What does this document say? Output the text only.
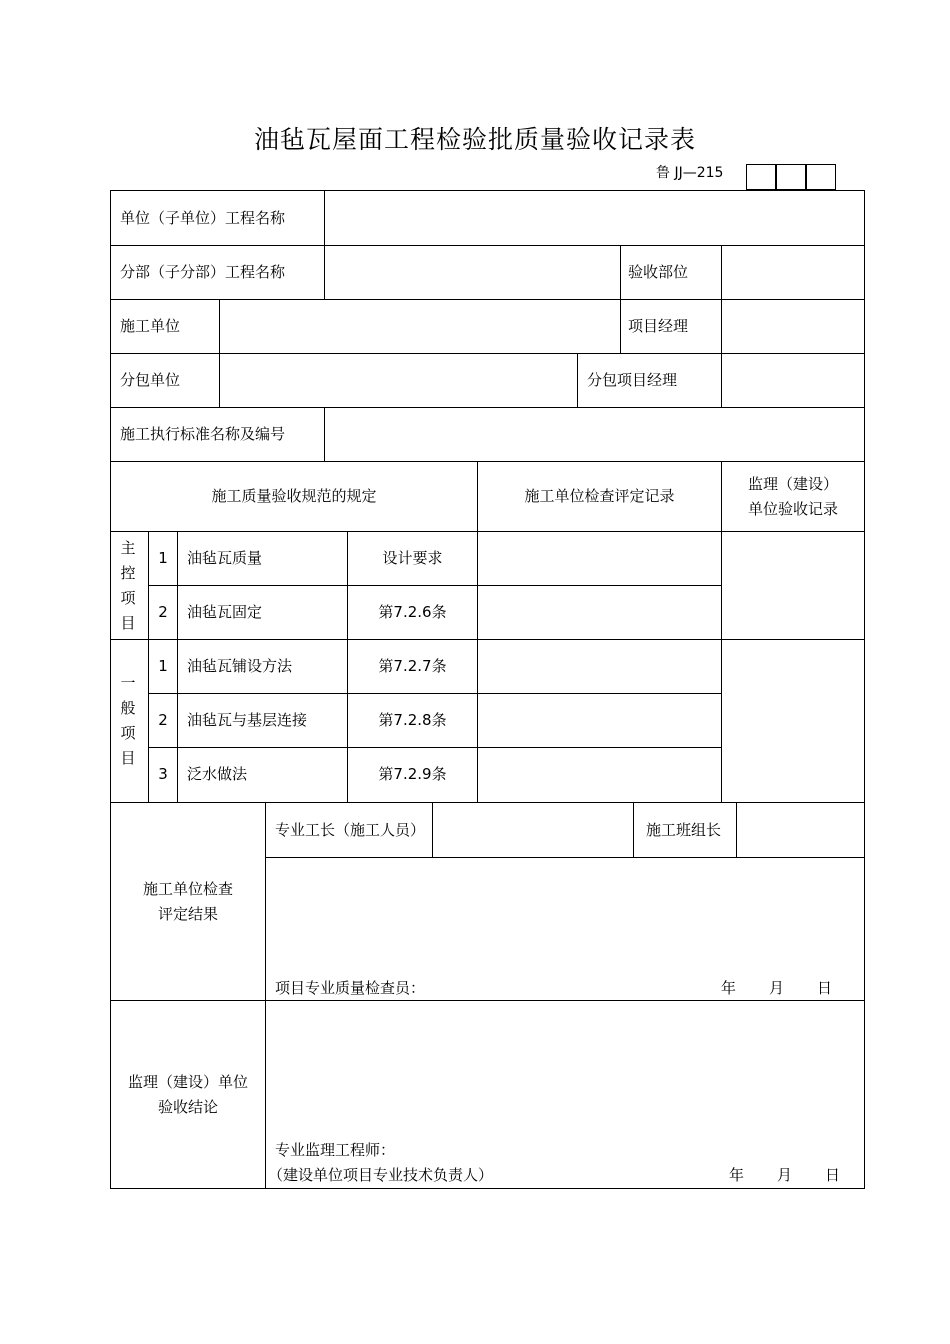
油毡瓦屋面工程检验批质量验收记录表
鲁 JJ—215
单位（子单位）工程名称
分部（子分部）工程名称	验收部位
施工单位	项目经理
分包单位	分包项目经理
施工执行标准名称及编号
施工质量验收规范的规定	施工单位检查评定记录
监理（建设）
单位验收记录
主控项目
1	油毡瓦质量	设计要求
2	油毡瓦固定	第7.2.6条
一般项目
1	油毡瓦铺设方法	第7.2.7条
2	油毡瓦与基层连接	第7.2.8条
3	泛水做法	第7.2.9条
施工单位检查
评定结果
专业工长（施工人员）	施工班组长
项目专业质量检查员：	年 月 日
监理（建设）单位
验收结论
专业监理工程师：
（建设单位项目专业技术负责人）	年 月 日
